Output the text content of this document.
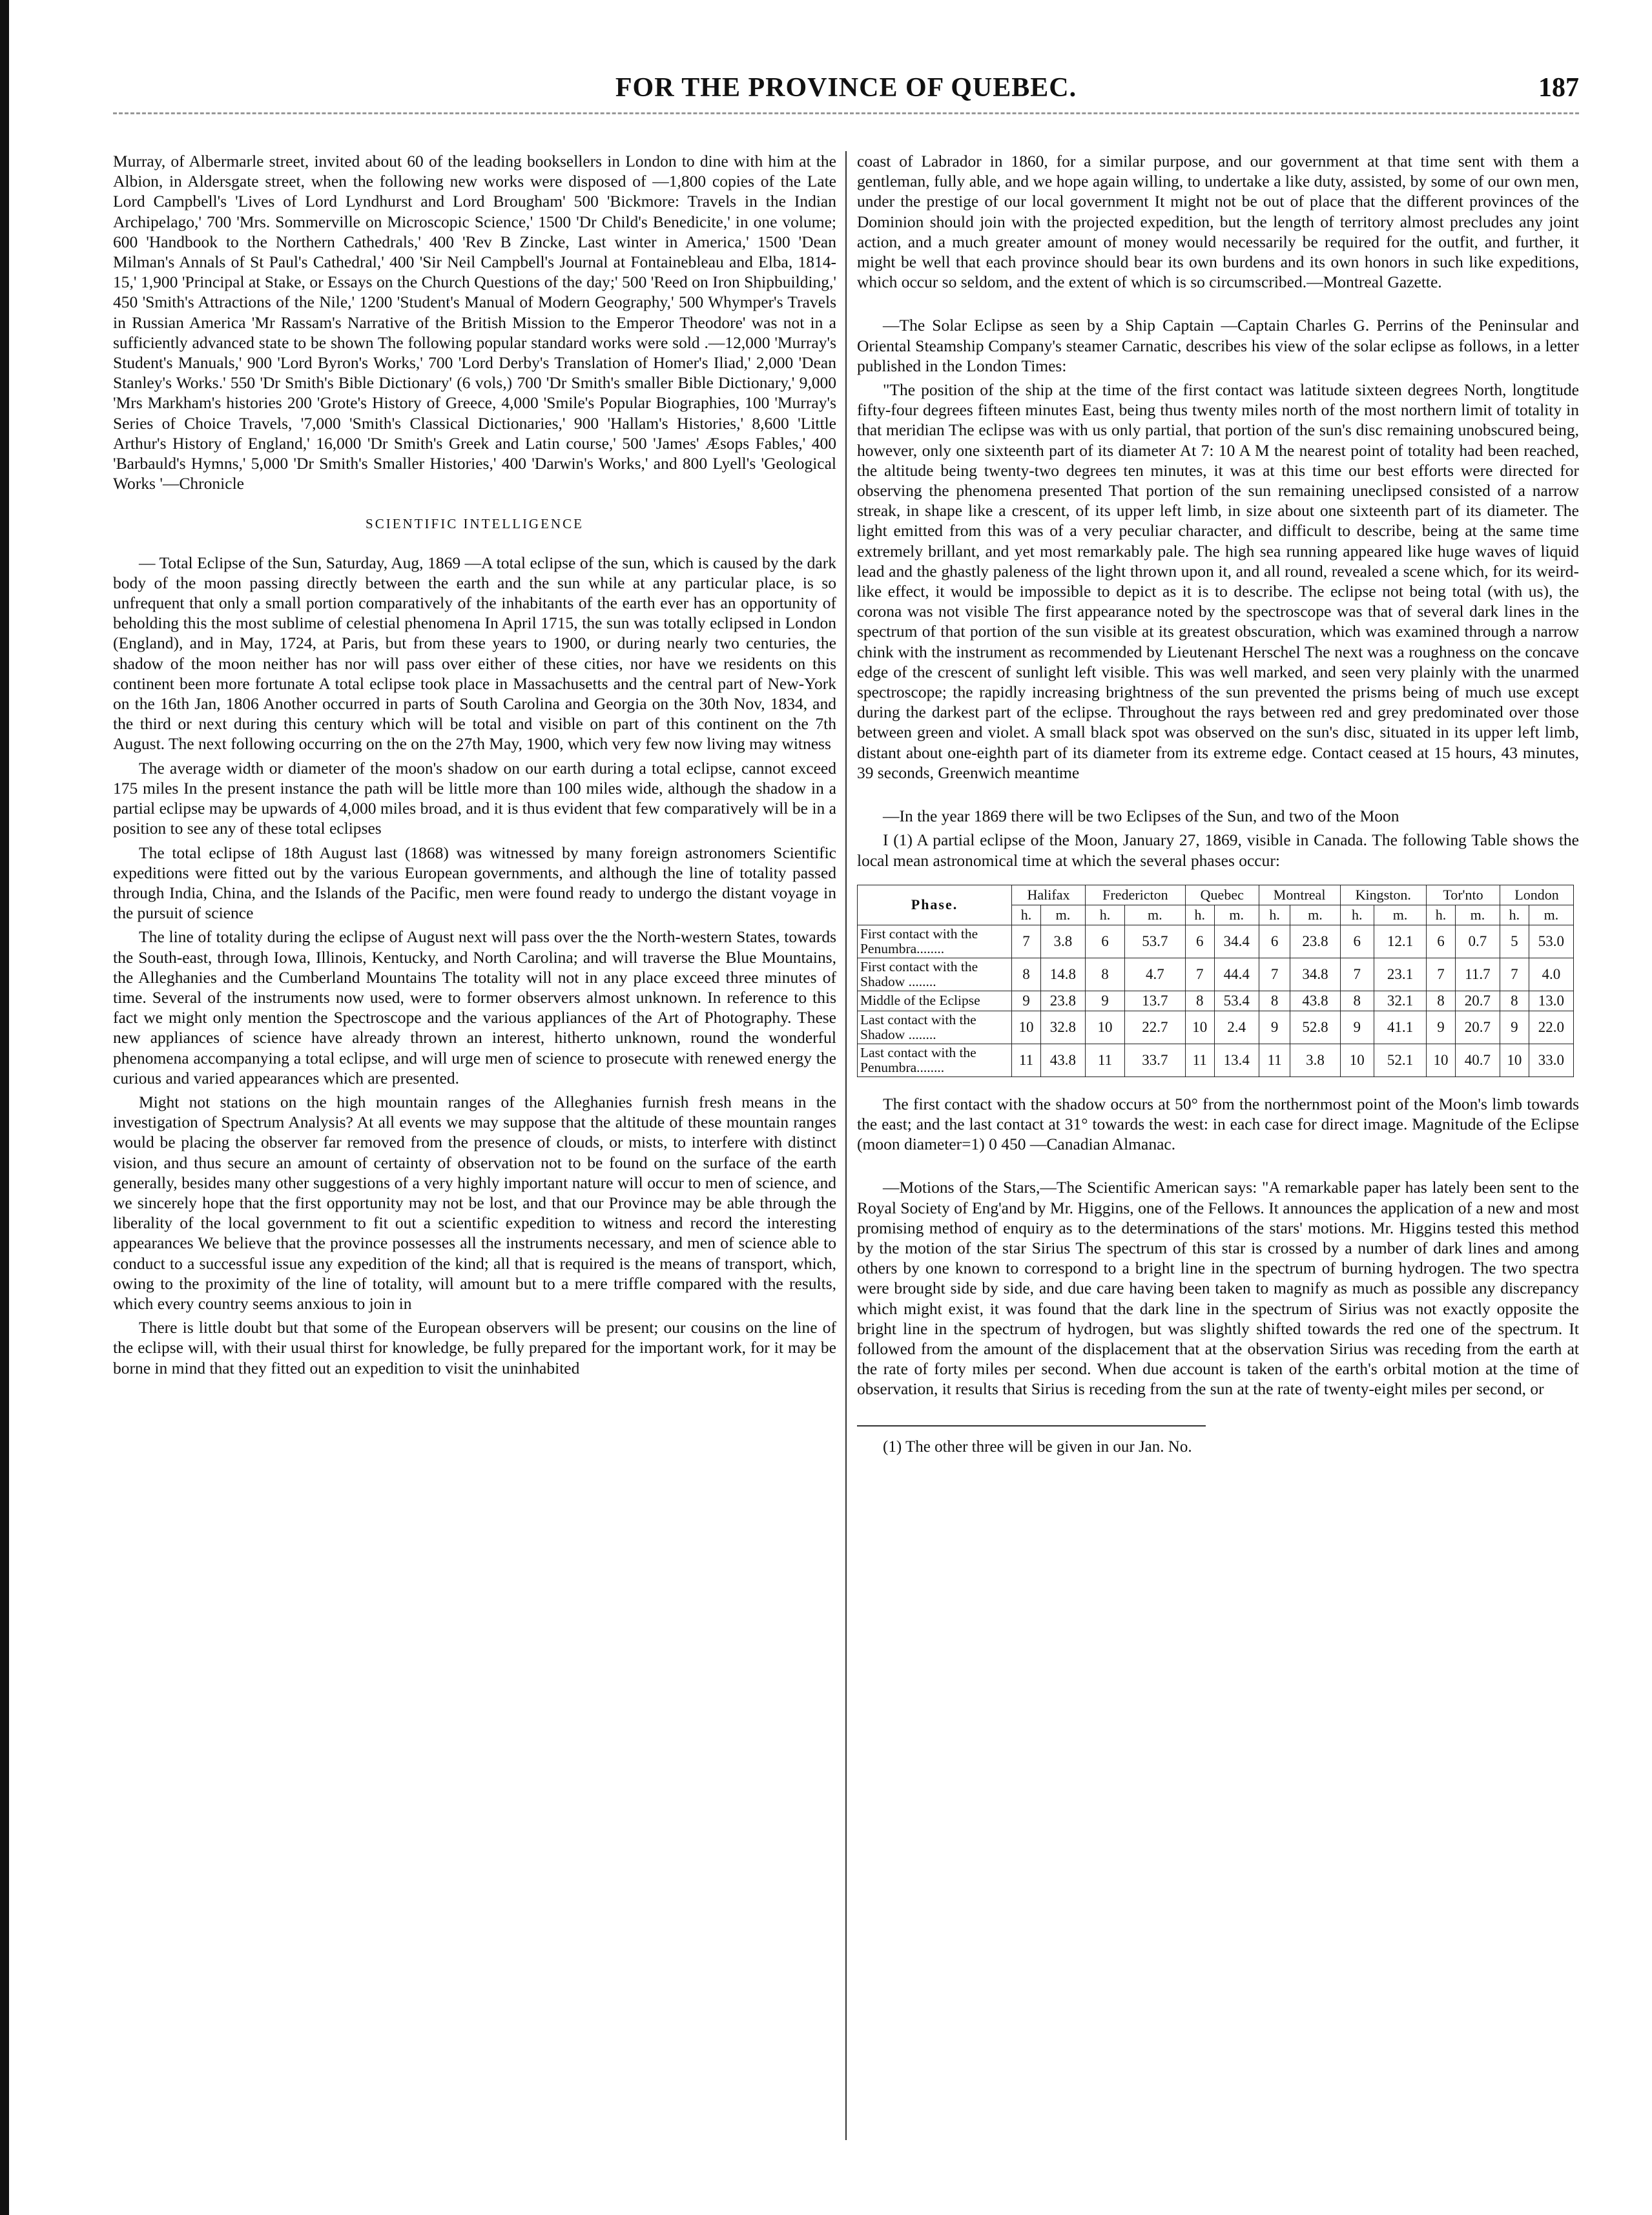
FOR THE PROVINCE OF QUEBEC.	187

Murray, of Albermarle street, invited about 60 of the leading booksellers in London to dine with him at the Albion, in Aldersgate street, when the following new works were disposed of —1,800 copies of the Late Lord Campbell's 'Lives of Lord Lyndhurst and Lord Brougham' 500 'Bickmore: Travels in the Indian Archipelago,' 700 'Mrs. Sommerville on Microscopic Science,' 1500 'Dr Child's Benedicite,' in one volume; 600 'Handbook to the Northern Cathedrals,' 400 'Rev B Zincke, Last winter in America,' 1500 'Dean Milman's Annals of St Paul's Cathedral,' 400 'Sir Neil Campbell's Journal at Fontainebleau and Elba, 1814-15,' 1,900 'Principal at Stake, or Essays on the Church Questions of the day;' 500 'Reed on Iron Shipbuilding,' 450 'Smith's Attractions of the Nile,' 1200 'Student's Manual of Modern Geography,' 500 Whymper's Travels in Russian America 'Mr Rassam's Narrative of the British Mission to the Emperor Theodore' was not in a sufficiently advanced state to be shown The following popular standard works were sold .—12,000 'Murray's Student's Manuals,' 900 'Lord Byron's Works,' 700 'Lord Derby's Translation of Homer's Iliad,' 2,000 'Dean Stanley's Works.' 550 'Dr Smith's Bible Dictionary' (6 vols,) 700 'Dr Smith's smaller Bible Dictionary,' 9,000 'Mrs Markham's histories 200 'Grote's History of Greece, 4,000 'Smile's Popular Biographies, 100 'Murray's Series of Choice Travels, '7,000 'Smith's Classical Dictionaries,' 900 'Hallam's Histories,' 8,600 'Little Arthur's History of England,' 16,000 'Dr Smith's Greek and Latin course,' 500 'James' Æsops Fables,' 400 'Barbauld's Hymns,' 5,000 'Dr Smith's Smaller Histories,' 400 'Darwin's Works,' and 800 Lyell's 'Geological Works '—Chronicle

SCIENTIFIC INTELLIGENCE

— Total Eclipse of the Sun, Saturday, Aug, 1869 —A total eclipse of the sun, which is caused by the dark body of the moon passing directly between the earth and the sun while at any particular place, is so unfrequent that only a small portion comparatively of the inhabitants of the earth ever has an opportunity of beholding this the most sublime of celestial phenomena In April 1715, the sun was totally eclipsed in London (England), and in May, 1724, at Paris, but from these years to 1900, or during nearly two centuries, the shadow of the moon neither has nor will pass over either of these cities, nor have we residents on this continent been more fortunate A total eclipse took place in Massachusetts and the central part of New-York on the 16th Jan, 1806 Another occurred in parts of South Carolina and Georgia on the 30th Nov, 1834, and the third or next during this century which will be total and visible on part of this continent on the 7th August. The next following occurring on the on the 27th May, 1900, which very few now living may witness

The average width or diameter of the moon's shadow on our earth during a total eclipse, cannot exceed 175 miles In the present instance the path will be little more than 100 miles wide, although the shadow in a partial eclipse may be upwards of 4,000 miles broad, and it is thus evident that few comparatively will be in a position to see any of these total eclipses

The total eclipse of 18th August last (1868) was witnessed by many foreign astronomers Scientific expeditions were fitted out by the various European governments, and although the line of totality passed through India, China, and the Islands of the Pacific, men were found ready to undergo the distant voyage in the pursuit of science

The line of totality during the eclipse of August next will pass over the the North-western States, towards the South-east, through Iowa, Illinois, Kentucky, and North Carolina; and will traverse the Blue Mountains, the Alleghanies and the Cumberland Mountains The totality will not in any place exceed three minutes of time. Several of the instruments now used, were to former observers almost unknown. In reference to this fact we might only mention the Spectroscope and the various appliances of the Art of Photography. These new appliances of science have already thrown an interest, hitherto unknown, round the wonderful phenomena accompanying a total eclipse, and will urge men of science to prosecute with renewed energy the curious and varied appearances which are presented.

Might not stations on the high mountain ranges of the Alleghanies furnish fresh means in the investigation of Spectrum Analysis? At all events we may suppose that the altitude of these mountain ranges would be placing the observer far removed from the presence of clouds, or mists, to interfere with distinct vision, and thus secure an amount of certainty of observation not to be found on the surface of the earth generally, besides many other suggestions of a very highly important nature will occur to men of science, and we sincerely hope that the first opportunity may not be lost, and that our Province may be able through the liberality of the local government to fit out a scientific expedition to witness and record the interesting appearances We believe that the province possesses all the instruments necessary, and men of science able to conduct to a successful issue any expedition of the kind; all that is required is the means of transport, which, owing to the proximity of the line of totality, will amount but to a mere triffle compared with the results, which every country seems anxious to join in

There is little doubt but that some of the European observers will be present; our cousins on the line of the eclipse will, with their usual thirst for knowledge, be fully prepared for the important work, for it may be borne in mind that they fitted out an expedition to visit the uninhabited

coast of Labrador in 1860, for a similar purpose, and our government at that time sent with them a gentleman, fully able, and we hope again willing, to undertake a like duty, assisted, by some of our own men, under the prestige of our local government It might not be out of place that the different provinces of the Dominion should join with the projected expedition, but the length of territory almost precludes any joint action, and a much greater amount of money would necessarily be required for the outfit, and further, it might be well that each province should bear its own burdens and its own honors in such like expeditions, which occur so seldom, and the extent of which is so circumscribed.—Montreal Gazette.

—The Solar Eclipse as seen by a Ship Captain —Captain Charles G. Perrins of the Peninsular and Oriental Steamship Company's steamer Carnatic, describes his view of the solar eclipse as follows, in a letter published in the London Times:

"The position of the ship at the time of the first contact was latitude sixteen degrees North, longtitude fifty-four degrees fifteen minutes East, being thus twenty miles north of the most northern limit of totality in that meridian The eclipse was with us only partial, that portion of the sun's disc remaining unobscured being, however, only one sixteenth part of its diameter At 7: 10 A M the nearest point of totality had been reached, the altitude being twenty-two degrees ten minutes, it was at this time our best efforts were directed for observing the phenomena presented That portion of the sun remaining uneclipsed consisted of a narrow streak, in shape like a crescent, of its upper left limb, in size about one sixteenth part of its diameter. The light emitted from this was of a very peculiar character, and difficult to describe, being at the same time extremely brillant, and yet most remarkably pale. The high sea running appeared like huge waves of liquid lead and the ghastly paleness of the light thrown upon it, and all round, revealed a scene which, for its weird-like effect, it would be impossible to depict as it is to describe. The eclipse not being total (with us), the corona was not visible The first appearance noted by the spectroscope was that of several dark lines in the spectrum of that portion of the sun visible at its greatest obscuration, which was examined through a narrow chink with the instrument as recommended by Lieutenant Herschel The next was a roughness on the concave edge of the crescent of sunlight left visible. This was well marked, and seen very plainly with the unarmed spectroscope; the rapidly increasing brightness of the sun prevented the prisms being of much use except during the darkest part of the eclipse. Throughout the rays between red and grey predominated over those between green and violet. A small black spot was observed on the sun's disc, situated in its upper left limb, distant about one-eighth part of its diameter from its extreme edge. Contact ceased at 15 hours, 43 minutes, 39 seconds, Greenwich meantime

—In the year 1869 there will be two Eclipses of the Sun, and two of the Moon

I (1) A partial eclipse of the Moon, January 27, 1869, visible in Canada. The following Table shows the local mean astronomical time at which the several phases occur:

Phase.	Halifax		Fredericton		Quebec		Montreal		Kingston.		Tor'nto		London	
	h.	m.	h.	m.	h.	m.	h.	m.	h.	m.	h.	m.	h.	m.
First contact with the Penumbra........	7	3.8	6	53.7	6	34.4	6	23.8	6	12.1	6	0.7	5	53.0
First contact with the Shadow ........	8	14.8	8	4.7	7	44.4	7	34.8	7	23.1	7	11.7	7	4.0
Middle of the Eclipse	9	23.8	9	13.7	8	53.4	8	43.8	8	32.1	8	20.7	8	13.0
Last contact with the Shadow ........	10	32.8	10	22.7	10	2.4	9	52.8	9	41.1	9	20.7	9	22.0
Last contact with the Penumbra........	11	43.8	11	33.7	11	13.4	11	3.8	10	52.1	10	40.7	10	33.0

The first contact with the shadow occurs at 50° from the northernmost point of the Moon's limb towards the east; and the last contact at 31° towards the west: in each case for direct image. Magnitude of the Eclipse (moon diameter=1) 0 450 —Canadian Almanac.

—Motions of the Stars,—The Scientific American says: "A remarkable paper has lately been sent to the Royal Society of Eng'and by Mr. Higgins, one of the Fellows. It announces the application of a new and most promising method of enquiry as to the determinations of the stars' motions. Mr. Higgins tested this method by the motion of the star Sirius The spectrum of this star is crossed by a number of dark lines and among others by one known to correspond to a bright line in the spectrum of burning hydrogen. The two spectra were brought side by side, and due care having been taken to magnify as much as possible any discrepancy which might exist, it was found that the dark line in the spectrum of Sirius was not exactly opposite the bright line in the spectrum of hydrogen, but was slightly shifted towards the red one of the spectrum. It followed from the amount of the displacement that at the observation Sirius was receding from the earth at the rate of forty miles per second. When due account is taken of the earth's orbital motion at the time of observation, it results that Sirius is receding from the sun at the rate of twenty-eight miles per second, or

(1) The other three will be given in our Jan. No.
